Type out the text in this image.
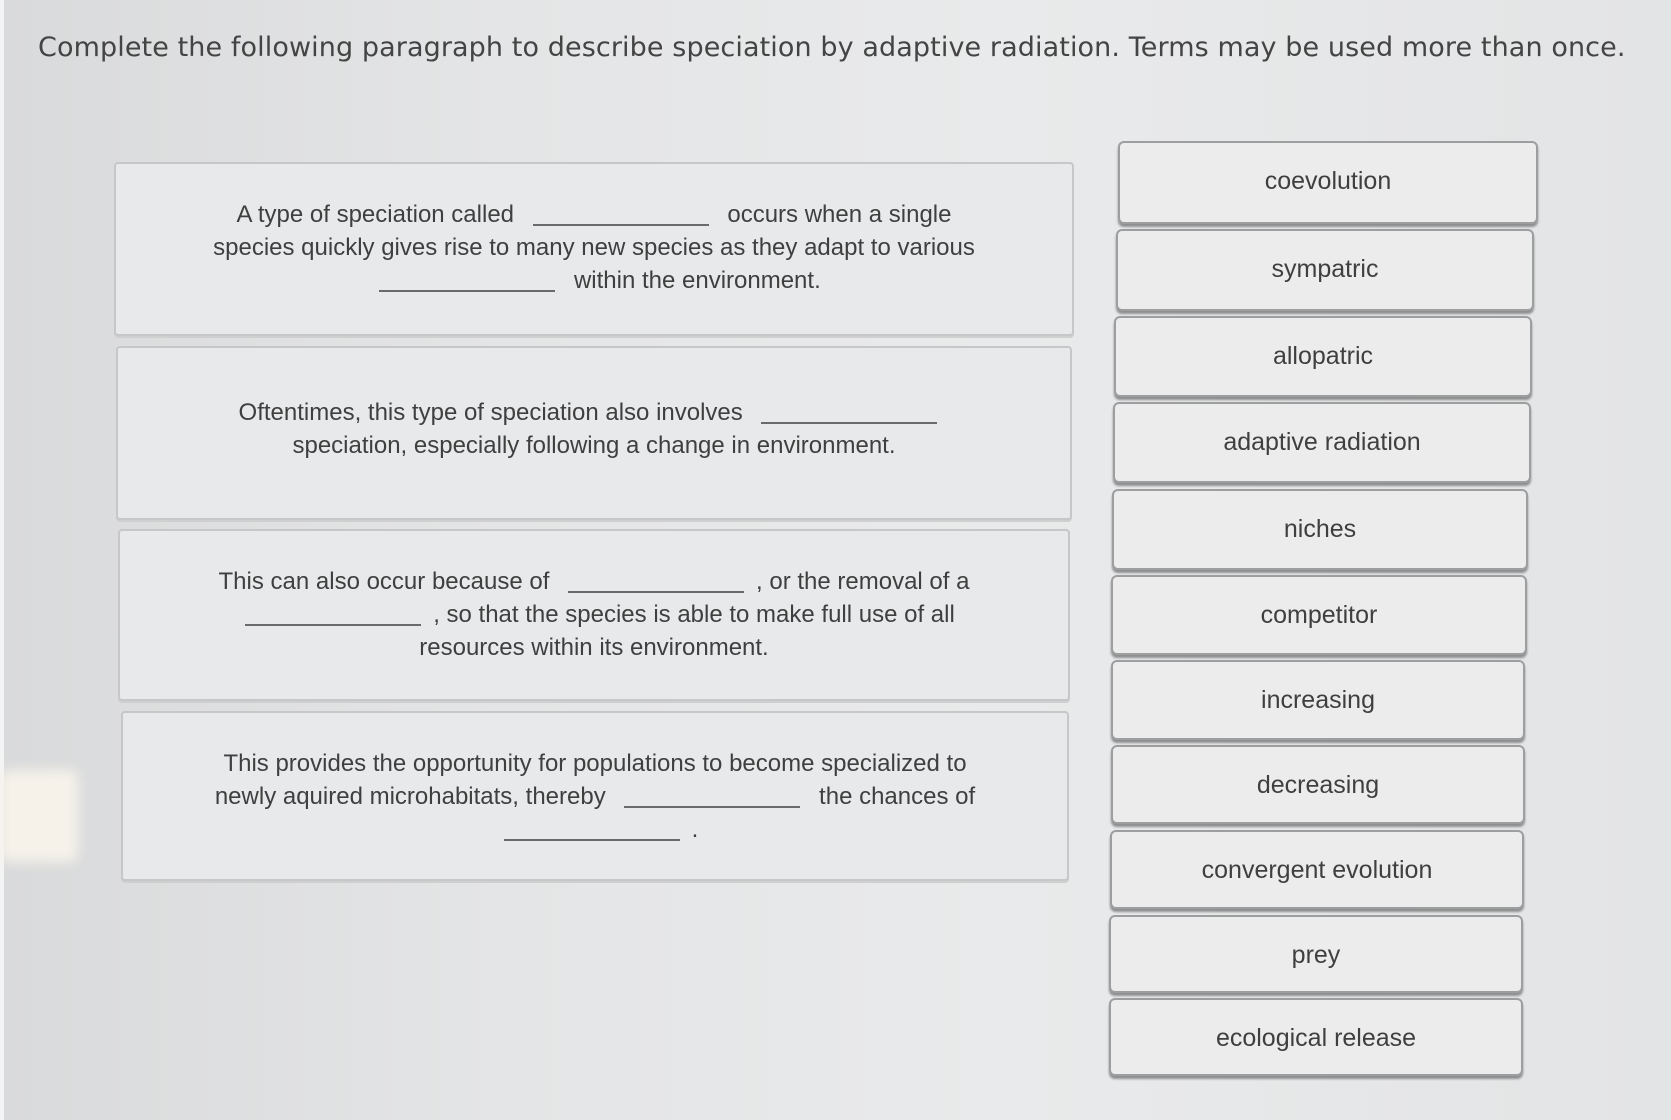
Complete the following paragraph to describe speciation by adaptive radiation. Terms may be used more than once.
A type of speciation called	occurs when a single
species quickly gives rise to many new species as they adapt to various
within the environment.
Oftentimes, this type of speciation also involves
speciation, especially following a change in environment.
This can also occur because of	, or the removal of a
, so that the species is able to make full use of all
resources within its environment.
This provides the opportunity for populations to become specialized to
newly aquired microhabitats, thereby	the chances of
.
coevolution
sympatric
allopatric
adaptive radiation
niches
competitor
increasing
decreasing
convergent evolution
prey
ecological release
